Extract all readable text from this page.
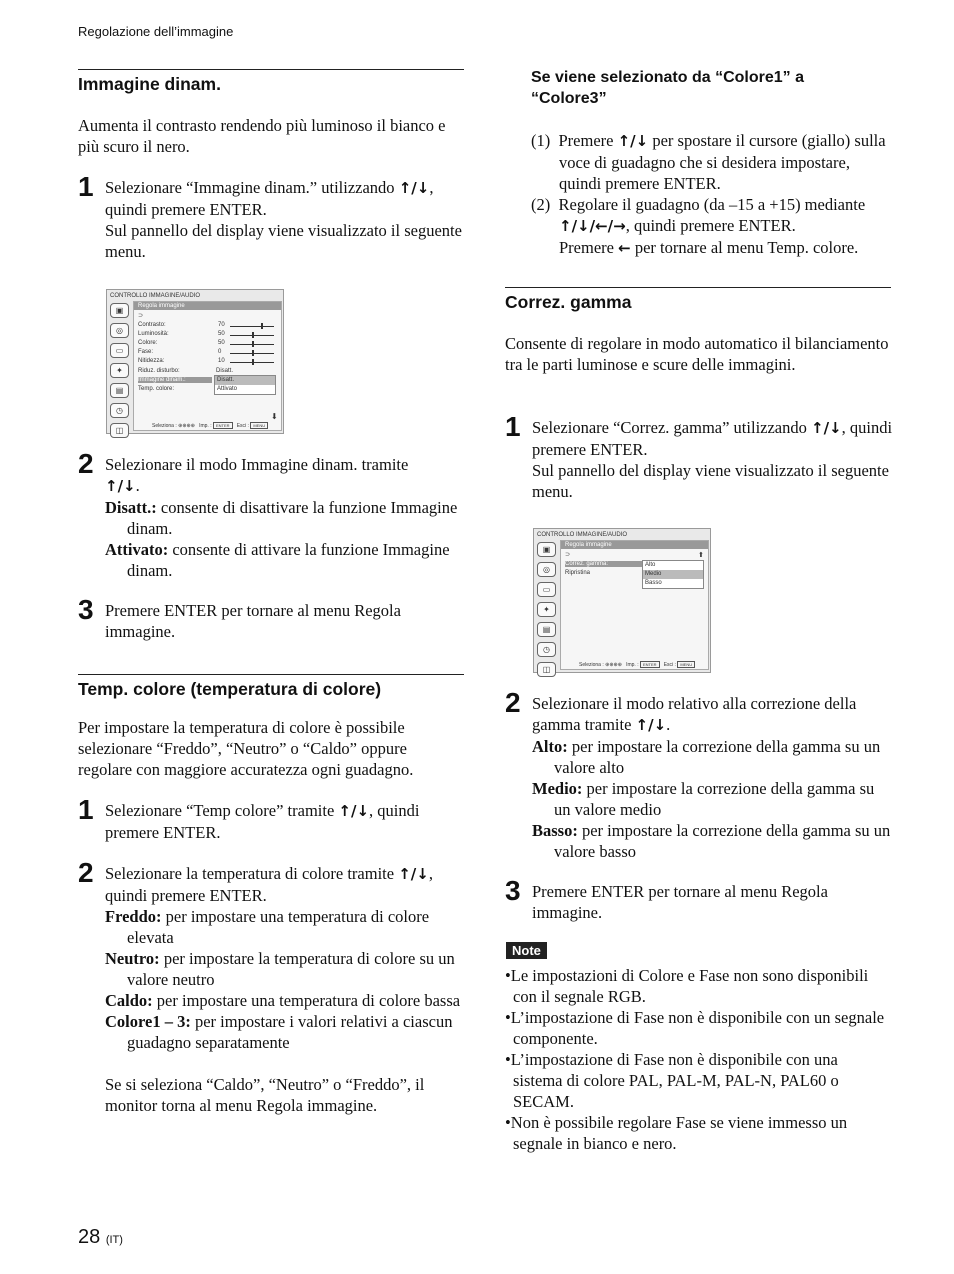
Regolazione dell’immagine
Immagine dinam.
Aumenta il contrasto rendendo più luminoso il bianco e più scuro il nero.
1 Selezionare “Immagine dinam.” utilizzando ↑/↓, quindi premere ENTER.
Sul pannello del display viene visualizzato il seguente menu.
CONTROLLO IMMAGINE/AUDIO
▣
◎
▭
✦
▤
◷
◫
Regola immagine
⊃
Contrasto:	70
Luminosità:	50
Colore:	50
Fase:	0
Nitidezza:	10
Riduz. disturbo:	Disatt.
Immagine dinam.:
Temp. colore:
Disatt.
Attivato
⬇
Seleziona : ⊕⊕⊕⊕ Imp. : ENTER Esci : MENU
2 Selezionare il modo Immagine dinam. tramite
↑/↓.
Disatt.: consente di disattivare la funzione Immagine dinam.
Attivato: consente di attivare la funzione Immagine dinam.
3 Premere ENTER per tornare al menu Regola immagine.
Temp. colore (temperatura di colore)
Per impostare la temperatura di colore è possibile selezionare “Freddo”, “Neutro” o “Caldo” oppure regolare con maggiore accuratezza ogni guadagno.
1 Selezionare “Temp colore” tramite ↑/↓, quindi premere ENTER.
2 Selezionare la temperatura di colore tramite ↑/↓, quindi premere ENTER.
Freddo: per impostare una temperatura di colore elevata
Neutro: per impostare la temperatura di colore su un valore neutro
Caldo: per impostare una temperatura di colore bassa
Colore1 – 3: per impostare i valori relativi a ciascun guadagno separatamente
Se si seleziona “Caldo”, “Neutro” o “Freddo”, il monitor torna al menu Regola immagine.
Se viene selezionato da “Colore1” a “Colore3”
(1) Premere ↑/↓ per spostare il cursore (giallo) sulla voce di guadagno che si desidera impostare, quindi premere ENTER.
(2) Regolare il guadagno (da –15 a +15) mediante
↑/↓/←/→, quindi premere ENTER.
Premere ← per tornare al menu Temp. colore.
Correz. gamma
Consente di regolare in modo automatico il bilanciamento tra le parti luminose e scure delle immagini.
1 Selezionare “Correz. gamma” utilizzando ↑/↓, quindi premere ENTER.
Sul pannello del display viene visualizzato il seguente menu.
CONTROLLO IMMAGINE/AUDIO
▣
◎
▭
✦
▤
◷
◫
Regola immagine
⊃	⬆
Correz. gamma:
Ripristina
Alto
Medio
Basso
Seleziona : ⊕⊕⊕⊕ Imp. : ENTER Esci : MENU
2 Selezionare il modo relativo alla correzione della gamma tramite ↑/↓.
Alto: per impostare la correzione della gamma su un valore alto
Medio: per impostare la correzione della gamma su un valore medio
Basso: per impostare la correzione della gamma su un valore basso
3 Premere ENTER per tornare al menu Regola immagine.
Note
•Le impostazioni di Colore e Fase non sono disponibili con il segnale RGB.
•L’impostazione di Fase non è disponibile con un segnale componente.
•L’impostazione di Fase non è disponibile con una sistema di colore PAL, PAL-M, PAL-N, PAL60 o SECAM.
•Non è possibile regolare Fase se viene immesso un segnale in bianco e nero.
28 (IT)
